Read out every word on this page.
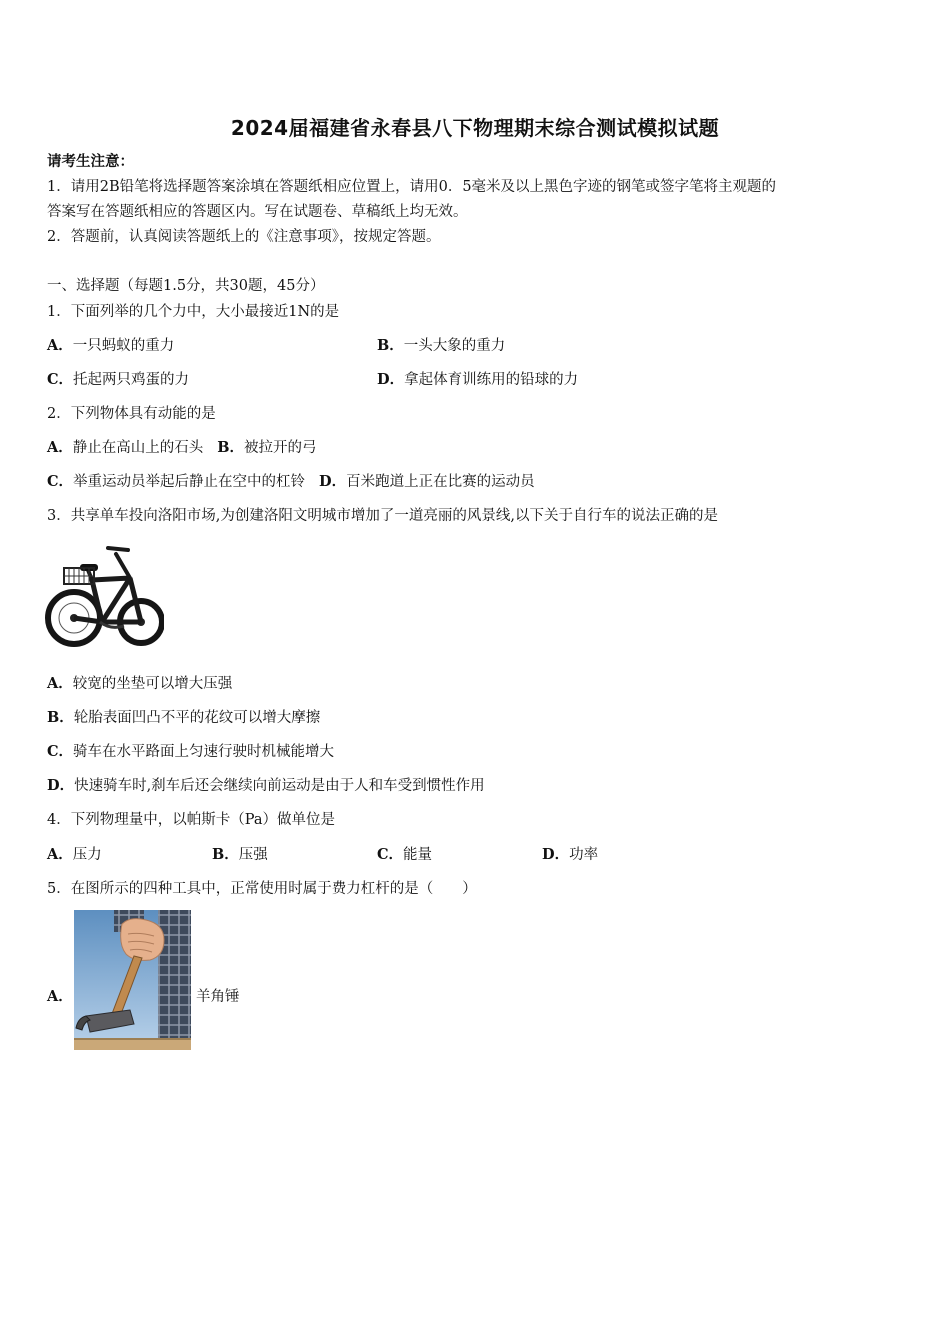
2024届福建省永春县八下物理期末综合测试模拟试题
请考生注意：
1．请用2B铅笔将选择题答案涂填在答题纸相应位置上，请用0．5毫米及以上黑色字迹的钢笔或签字笔将主观题的
答案写在答题纸相应的答题区内。写在试题卷、草稿纸上均无效。
2．答题前，认真阅读答题纸上的《注意事项》，按规定答题。
一、选择题（每题1.5分，共30题，45分）
1．下面列举的几个力中，大小最接近1N的是
A．一只蚂蚁的重力	B．一头大象的重力
C．托起两只鸡蛋的力	D．拿起体育训练用的铅球的力
2．下列物体具有动能的是
A．静止在高山上的石头 B．被拉开的弓
C．举重运动员举起后静止在空中的杠铃 D．百米跑道上正在比赛的运动员
3．共享单车投向洛阳市场,为创建洛阳文明城市增加了一道亮丽的风景线,以下关于自行车的说法正确的是
A．较宽的坐垫可以增大压强
B．轮胎表面凹凸不平的花纹可以增大摩擦
C．骑车在水平路面上匀速行驶时机械能增大
D．快速骑车时,刹车后还会继续向前运动是由于人和车受到惯性作用
4．下列物理量中，以帕斯卡（Pa）做单位是
A．压力	B．压强	C．能量	D．功率
5．在图所示的四种工具中，正常使用时属于费力杠杆的是（　　）
A．	羊角锤
